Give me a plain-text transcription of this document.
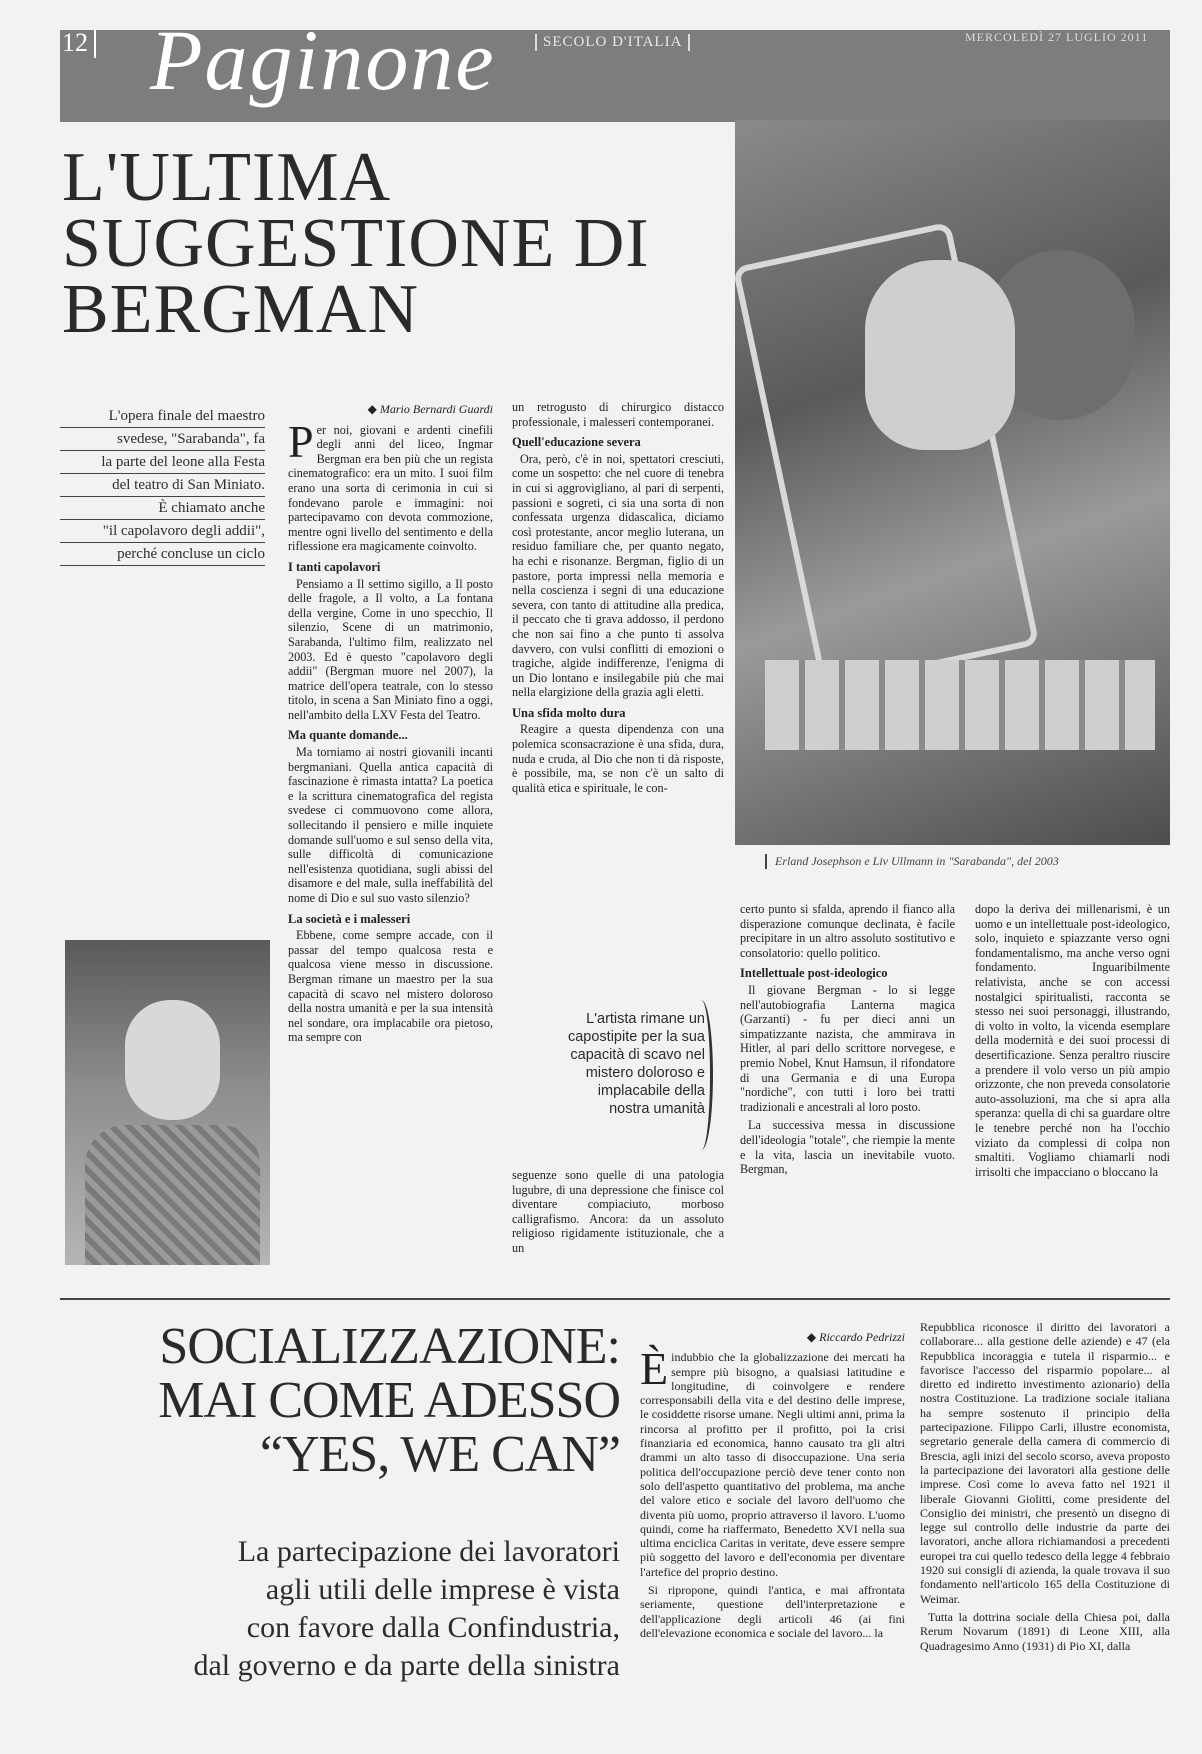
Paginone
12	SECOLO D'ITALIA	MERCOLEDÌ 27 LUGLIO 2011
L'ULTIMA SUGGESTIONE DI BERGMAN
Erland Josephson e Liv Ullmann in "Sarabanda", del 2003
L'opera finale del maestro
svedese, "Sarabanda", fa
la parte del leone alla Festa
del teatro di San Miniato.
È chiamato anche
"il capolavoro degli addii",
perché concluse un ciclo
◆ Mario Bernardi Guardi

Per noi, giovani e ardenti cinefili degli anni del liceo, Ingmar Bergman era ben più che un regista cinematografico: era un mito. I suoi film erano una sorta di cerimonia in cui si fondevano parole e immagini: noi partecipavamo con devota commozione, mentre ogni livello del sentimento e della riflessione era magicamente coinvolto.

I tanti capolavori

Pensiamo a Il settimo sigillo, a Il posto delle fragole, a Il volto, a La fontana della vergine, Come in uno specchio, Il silenzio, Scene di un matrimonio, Sarabanda, l'ultimo film, realizzato nel 2003. Ed è questo "capolavoro degli addii" (Bergman muore nel 2007), la matrice dell'opera teatrale, con lo stesso titolo, in scena a San Miniato fino a oggi, nell'ambito della LXV Festa del Teatro.

Ma quante domande...

Ma torniamo ai nostri giovanili incanti bergmaniani. Quella antica capacità di fascinazione è rimasta intatta? La poetica e la scrittura cinematografica del regista svedese ci commuovono come allora, sollecitando il pensiero e mille inquiete domande sull'uomo e sul senso della vita, sulle difficoltà di comunicazione nell'esistenza quotidiana, sugli abissi del disamore e del male, sulla ineffabilità del nome di Dio e sul suo vasto silenzio?

La società e i malesseri

Ebbene, come sempre accade, con il passar del tempo qualcosa resta e qualcosa viene messo in discussione. Bergman rimane un maestro per la sua capacità di scavo nel mistero doloroso della nostra umanità e per la sua intensità nel sondare, ora implacabile ora pietoso, ma sempre con

un retrogusto di chirurgico distacco professionale, i malesseri contemporanei.

Quell'educazione severa

Ora, però, c'è in noi, spettatori cresciuti, come un sospetto: che nel cuore di tenebra in cui si aggrovigliano, al pari di serpenti, passioni e sogreti, ci sia una sorta di non confessata urgenza didascalica, diciamo così protestante, ancor meglio luterana, un residuo familiare che, per quanto negato, ha echi e risonanze. Bergman, figlio di un pastore, porta impressi nella memoria e nella coscienza i segni di una educazione severa, con tanto di attitudine alla predica, il peccato che ti grava addosso, il perdono che non sai fino a che punto ti assolva davvero, con vulsi conflitti di emozioni o tragiche, algide indifferenze, l'enigma di un Dio lontano e insilegabile più che mai nella elargizione della grazia agli eletti.

Una sfida molto dura

Reagire a questa dipendenza con una polemica sconsacrazione è una sfida, dura, nuda e cruda, al Dio che non ti dà risposte, è possibile, ma, se non c'è un salto di qualità etica e spirituale, le con-

L'artista rimane un capostipite per la sua capacità di scavo nel mistero doloroso e implacabile della nostra umanità

seguenze sono quelle di una patologia lugubre, di una depressione che finisce col diventare compiaciuto, morboso calligrafismo. Ancora: da un assoluto religioso rigidamente istituzionale, che a un

certo punto si sfalda, aprendo il fianco alla disperazione comunque declinata, è facile precipitare in un altro assoluto sostitutivo e consolatorio: quello politico.

Intellettuale post-ideologico

Il giovane Bergman - lo si legge nell'autobiografia Lanterna magica (Garzanti) - fu per dieci anni un simpatizzante nazista, che ammirava in Hitler, al pari dello scrittore norvegese, e premio Nobel, Knut Hamsun, il rifondatore di una Germania e di una Europa "nordiche", con tutti i loro bei tratti tradizionali e ancestrali al loro posto.

La successiva messa in discussione dell'ideologia "totale", che riempie la mente e la vita, lascia un inevitabile vuoto. Bergman,

dopo la deriva dei millenarismi, è un uomo e un intellettuale post-ideologico, solo, inquieto e spiazzante verso ogni fondamentalismo, ma anche verso ogni fondamento. Inguaribilmente relativista, anche se con accessi nostalgici spiritualisti, racconta se stesso nei suoi personaggi, illustrando, di volto in volto, la vicenda esemplare della modernità e dei suoi processi di desertificazione. Senza peraltro riuscire a prendere il volo verso un più ampio orizzonte, che non preveda consolatorie auto-assoluzioni, ma che si apra alla speranza: quella di chi sa guardare oltre le tenebre perché non ha l'occhio viziato da complessi di colpa non smaltiti. Vogliamo chiamarli nodi irrisolti che impacciano o bloccano la

SOCIALIZZAZIONE:
MAI COME ADESSO
“YES, WE CAN”
La partecipazione dei lavoratori
agli utili delle imprese è vista
con favore dalla Confindustria,
dal governo e da parte della sinistra
◆ Riccardo Pedrizzi

Èindubbio che la globalizzazione dei mercati ha sempre più bisogno, a qualsiasi latitudine e longitudine, di coinvolgere e rendere corresponsabili della vita e del destino delle imprese, le cosiddette risorse umane. Negli ultimi anni, prima la rincorsa al profitto per il profitto, poi la crisi finanziaria ed economica, hanno causato tra gli altri drammi un alto tasso di disoccupazione. Una seria politica dell'occupazione perciò deve tener conto non solo dell'aspetto quantitativo del problema, ma anche del valore etico e sociale del lavoro dell'uomo che diventa più uomo, proprio attraverso il lavoro. L'uomo quindi, come ha riaffermato, Benedetto XVI nella sua ultima enciclica Caritas in veritate, deve essere sempre più soggetto del lavoro e dell'economia per diventare l'artefice del proprio destino.

Si ripropone, quindi l'antica, e mai affrontata seriamente, questione dell'interpretazione e dell'applicazione degli articoli 46 (ai fini dell'elevazione economica e sociale del lavoro... la

Repubblica riconosce il diritto dei lavoratori a collaborare... alla gestione delle aziende) e 47 (ela Repubblica incoraggia e tutela il risparmio... e favorisce l'accesso del risparmio popolare... al diretto ed indiretto investimento azionario) della nostra Costituzione. La tradizione sociale italiana ha sempre sostenuto il principio della partecipazione. Filippo Carli, illustre economista, segretario generale della camera di commercio di Brescia, agli inizi del secolo scorso, aveva proposto la partecipazione dei lavoratori alla gestione delle imprese. Così come lo aveva fatto nel 1921 il liberale Giovanni Giolitti, come presidente del Consiglio dei ministri, che presentò un disegno di legge sul controllo delle industrie da parte dei lavoratori, anche allora richiamandosi a precedenti europei tra cui quello tedesco della legge 4 febbraio 1920 sui consigli di azienda, la quale trovava il suo fondamento nell'articolo 165 della Costituzione di Weimar.

Tutta la dottrina sociale della Chiesa poi, dalla Rerum Novarum (1891) di Leone XIII, alla Quadragesimo Anno (1931) di Pio XI, dalla
